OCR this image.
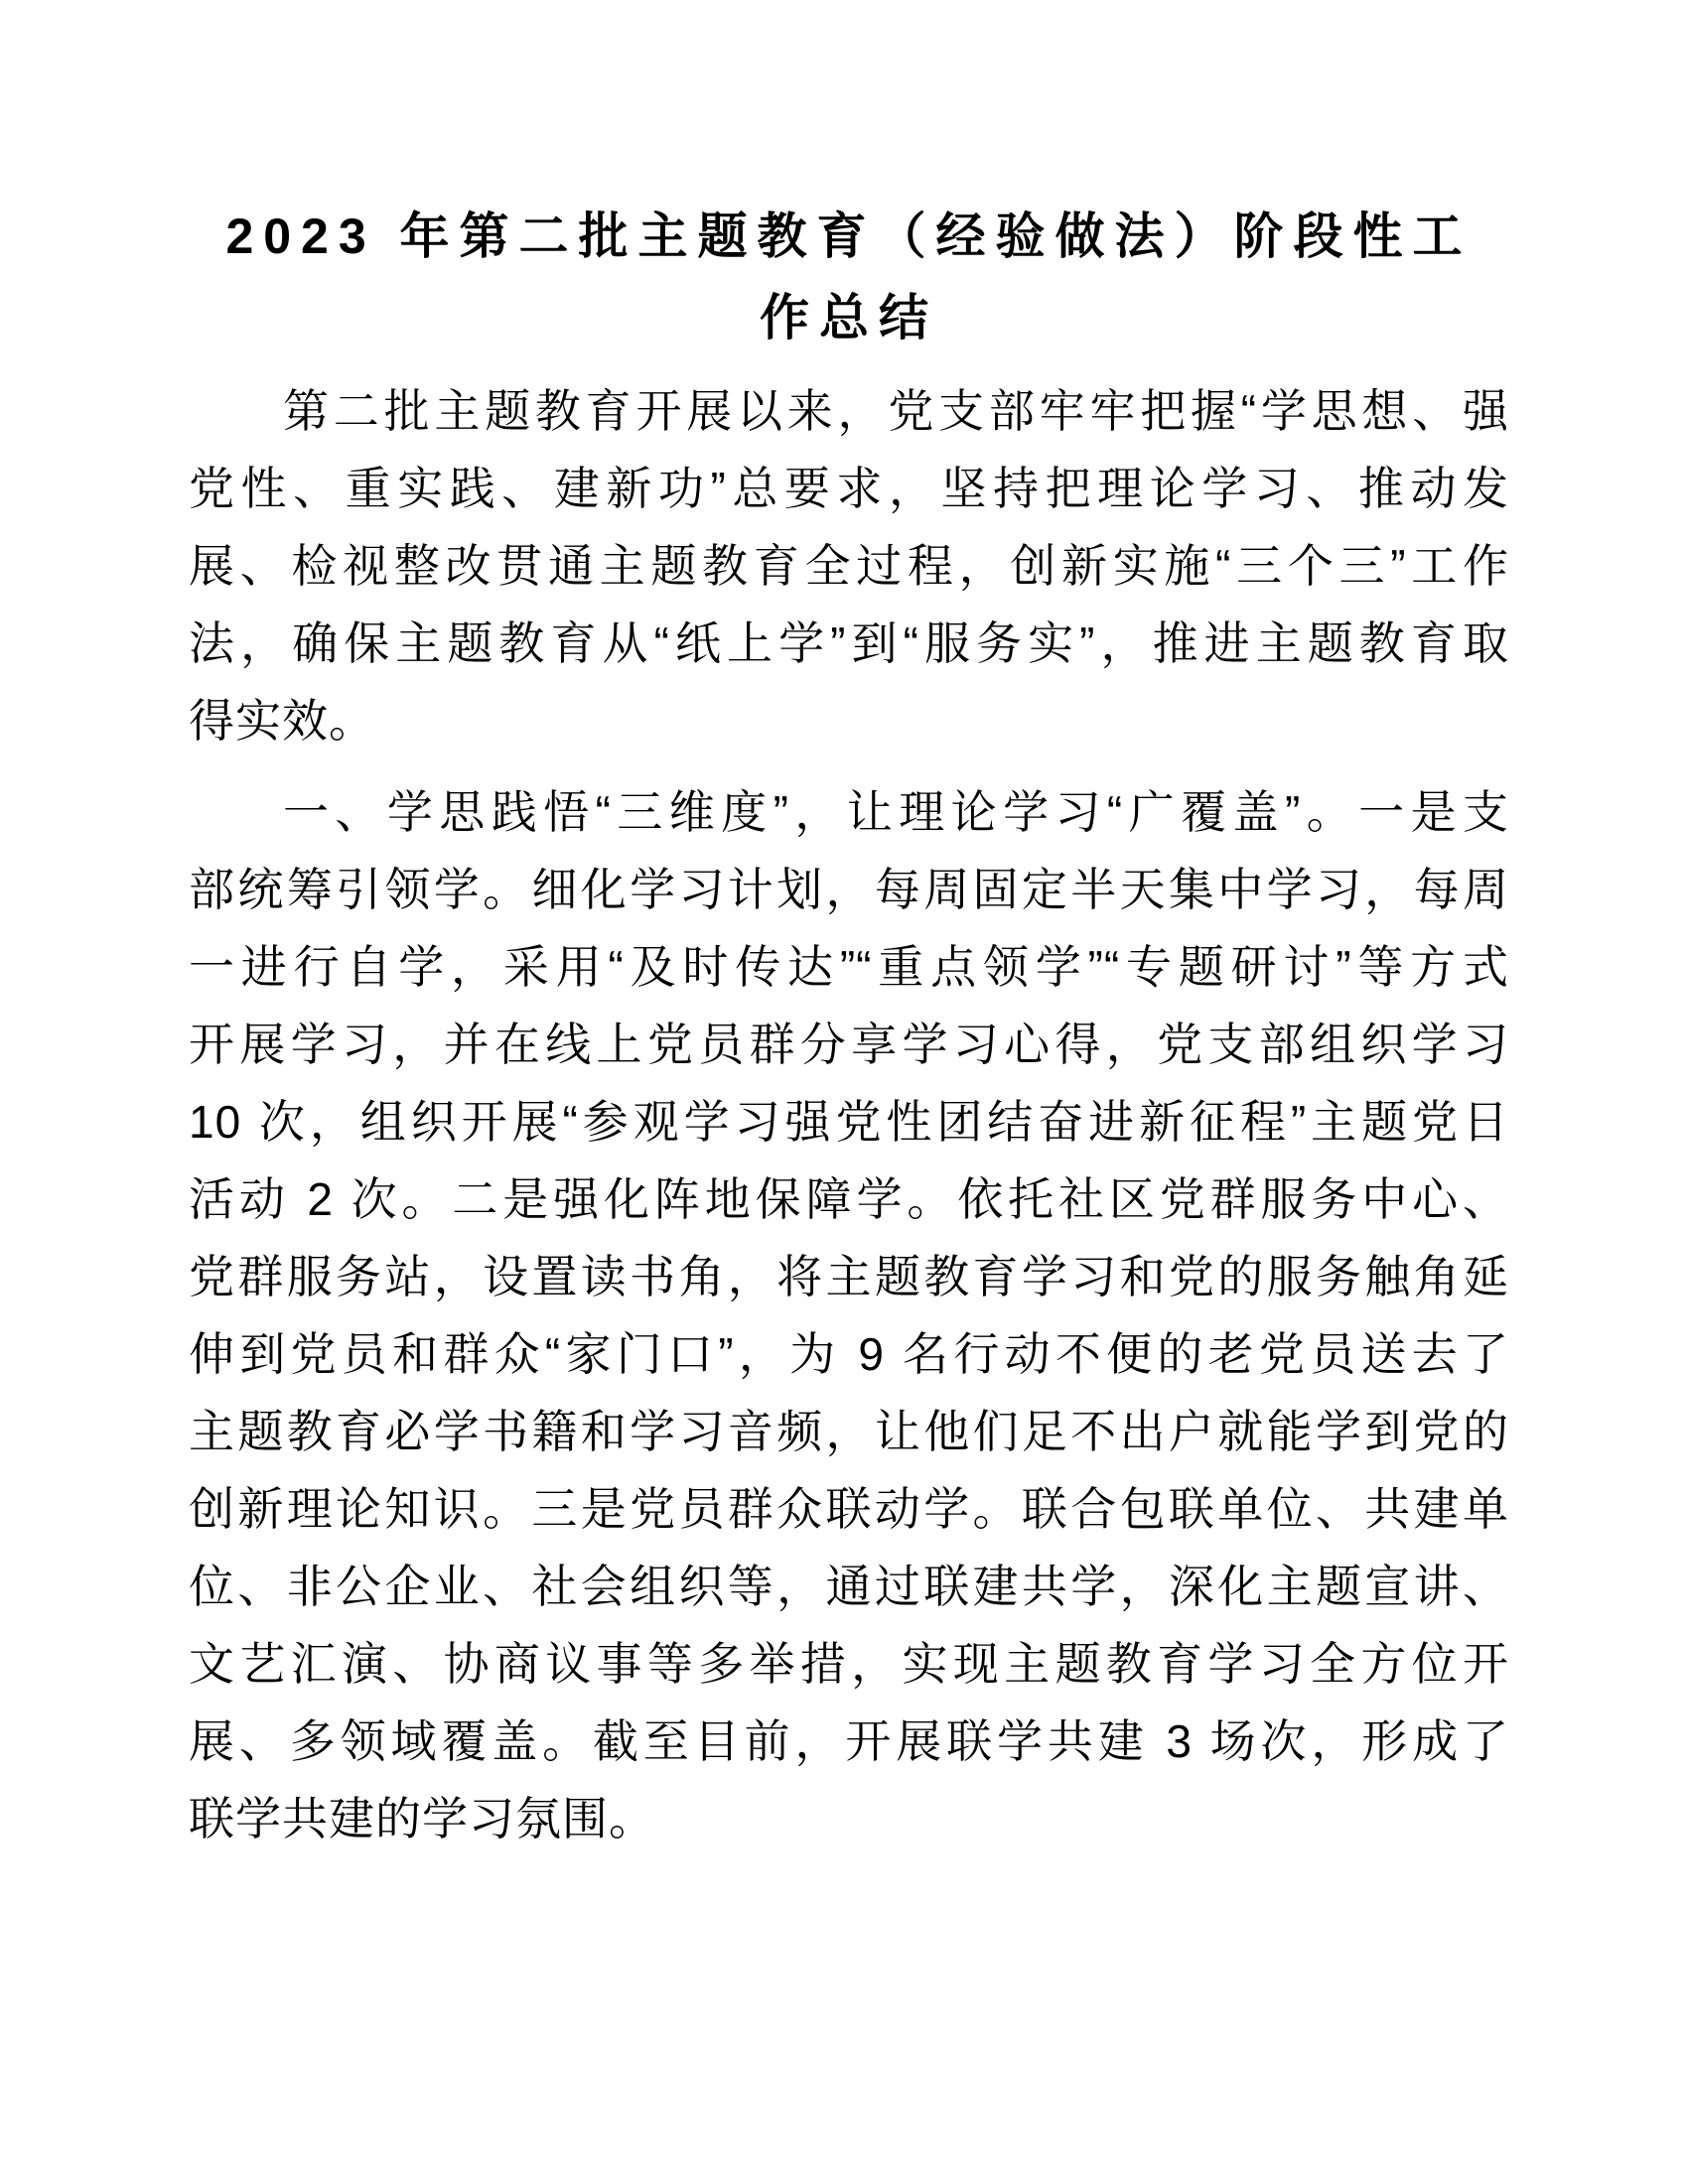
2023 年第二批主题教育（经验做法）阶段性工
作总结
第二批主题教育开展以来，党支部牢牢把握“学思想、强
党性、重实践、建新功”总要求，坚持把理论学习、推动发
展、检视整改贯通主题教育全过程，创新实施“三个三”工作
法，确保主题教育从“纸上学”到“服务实”，推进主题教育取
得实效。
一、学思践悟“三维度”，让理论学习“广覆盖”。一是支
部统筹引领学。细化学习计划，每周固定半天集中学习，每周
一进行自学，采用“及时传达”“重点领学”“专题研讨”等方式
开展学习，并在线上党员群分享学习心得，党支部组织学习
10 次，组织开展“参观学习强党性团结奋进新征程”主题党日
活动 2 次。二是强化阵地保障学。依托社区党群服务中心、
党群服务站，设置读书角，将主题教育学习和党的服务触角延
伸到党员和群众“家门口”，为 9 名行动不便的老党员送去了
主题教育必学书籍和学习音频，让他们足不出户就能学到党的
创新理论知识。三是党员群众联动学。联合包联单位、共建单
位、非公企业、社会组织等，通过联建共学，深化主题宣讲、
文艺汇演、协商议事等多举措，实现主题教育学习全方位开
展、多领域覆盖。截至目前，开展联学共建 3 场次，形成了
联学共建的学习氛围。
